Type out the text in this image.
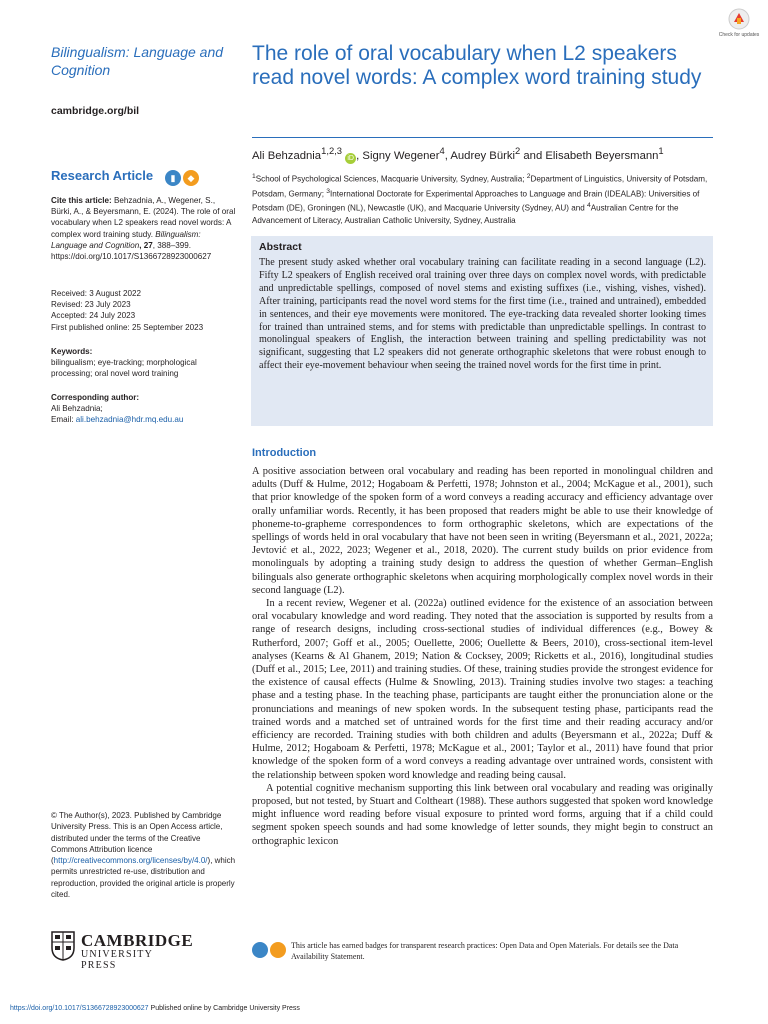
Check for updates
Bilingualism: Language and Cognition
cambridge.org/bil
The role of oral vocabulary when L2 speakers read novel words: A complex word training study
Ali Behzadnia$^{1,2,3}$ iD , Signy Wegener$^4$, Audrey Bürki$^2$ and Elisabeth Beyersmann$^1$
$^1$School of Psychological Sciences, Macquarie University, Sydney, Australia; $^2$Department of Linguistics, University of Potsdam, Potsdam, Germany; $^3$International Doctorate for Experimental Approaches to Language and Brain (IDEALAB): Universities of Potsdam (DE), Groningen (NL), Newcastle (UK), and Macquarie University (Sydney, AU) and $^4$Australian Centre for the Advancement of Literacy, Australian Catholic University, Sydney, Australia
Research Article	▮	◆
Cite this article: Behzadnia, A., Wegener, S., Bürki, A., & Beyersmann, E. (2024). The role of oral vocabulary when L2 speakers read novel words: A complex word training study. Bilingualism: Language and Cognition, 27, 388–399. https://doi.org/10.1017/S1366728923000627
Received: 3 August 2022
Revised: 23 July 2023
Accepted: 24 July 2023
First published online: 25 September 2023
Keywords:
bilingualism; eye-tracking; morphological processing; oral novel word training
Corresponding author:
Ali Behzadnia;
Email: ali.behzadnia@hdr.mq.edu.au
Abstract

The present study asked whether oral vocabulary training can facilitate reading in a second language (L2). Fifty L2 speakers of English received oral training over three days on complex novel words, with predictable and unpredictable spellings, composed of novel stems and existing suffixes (i.e., vishing, vishes, vished). After training, participants read the novel word stems for the first time (i.e., trained and untrained), embedded in sentences, and their eye movements were monitored. The eye-tracking data revealed shorter looking times for trained than untrained stems, and for stems with predictable than unpredictable spellings. In contrast to monolingual speakers of English, the interaction between training and spelling predictability was not significant, suggesting that L2 speakers did not generate orthographic skeletons that were robust enough to affect their eye-movement behaviour when seeing the trained novel words for the first time in print.

Introduction

A positive association between oral vocabulary and reading has been reported in monolingual children and adults (Duff & Hulme, 2012; Hogaboam & Perfetti, 1978; Johnston et al., 2004; McKague et al., 2001), such that prior knowledge of the spoken form of a word conveys a reading accuracy and efficiency advantage over orally unfamiliar words. Recently, it has been proposed that readers might be able to use their knowledge of phoneme-to-grapheme correspondences to form orthographic skeletons, which are expectations of the spellings of words held in oral vocabulary that have not been seen in writing (Beyersmann et al., 2021, 2022a; Jevtović et al., 2022, 2023; Wegener et al., 2018, 2020). The current study builds on prior evidence from monolinguals by adopting a training study design to address the question of whether German–English bilinguals also generate orthographic skeletons when acquiring morphologically complex novel words in their second language (L2).

In a recent review, Wegener et al. (2022a) outlined evidence for the existence of an association between oral vocabulary knowledge and word reading. They noted that the association is supported by results from a range of research designs, including cross-sectional studies of individual differences (e.g., Bowey & Rutherford, 2007; Goff et al., 2005; Ouellette, 2006; Ouellette & Beers, 2010), cross-sectional item-level analyses (Kearns & Al Ghanem, 2019; Nation & Cocksey, 2009; Ricketts et al., 2016), longitudinal studies (Duff et al., 2015; Lee, 2011) and training studies. Of these, training studies provide the strongest evidence for the existence of causal effects (Hulme & Snowling, 2013). Training studies involve two stages: a teaching phase and a testing phase. In the teaching phase, participants are taught either the pronunciation alone or the pronunciations and meanings of new spoken words. In the subsequent testing phase, participants read the trained words and a matched set of untrained words for the first time and their reading accuracy and/or efficiency are recorded. Training studies with both children and adults (Beyersmann et al., 2022a; Duff & Hulme, 2012; Hogaboam & Perfetti, 1978; McKague et al., 2001; Taylor et al., 2011) have found that prior knowledge of the spoken form of a word conveys a reading advantage over untrained words, consistent with the relationship between spoken word knowledge and reading being causal.

A potential cognitive mechanism supporting this link between oral vocabulary and reading was originally proposed, but not tested, by Stuart and Coltheart (1988). These authors suggested that spoken word knowledge might influence word reading before visual exposure to printed word forms, arguing that if a child could segment spoken speech sounds and had some knowledge of letter sounds, they might begin to construct an orthographic lexicon

© The Author(s), 2023. Published by Cambridge University Press. This is an Open Access article, distributed under the terms of the Creative Commons Attribution licence (http://creativecommons.org/licenses/by/4.0/), which permits unrestricted re-use, distribution and reproduction, provided the original article is properly cited.
CAMBRIDGE
UNIVERSITY PRESS
This article has earned badges for transparent research practices: Open Data and Open Materials. For details see the Data Availability Statement.
https://doi.org/10.1017/S1366728923000627 Published online by Cambridge University Press
